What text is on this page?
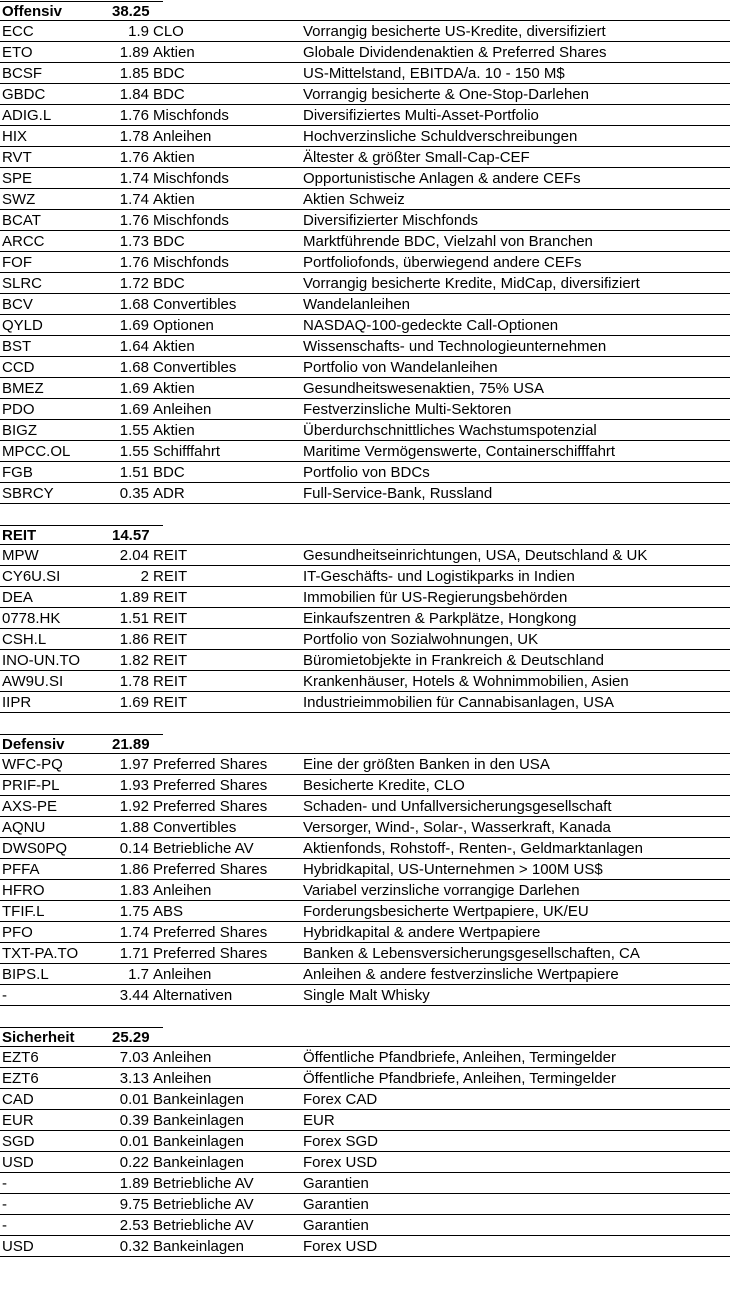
Offensiv	38.25
ECC	1.9 CLO	Vorrangig besicherte US-Kredite, diversifiziert
ETO	1.89 Aktien	Globale Dividendenaktien & Preferred Shares
BCSF	1.85 BDC	US-Mittelstand, EBITDA/a. 10 - 150 M$
GBDC	1.84 BDC	Vorrangig besicherte & One-Stop-Darlehen
ADIG.L	1.76 Mischfonds	Diversifiziertes Multi-Asset-Portfolio
HIX	1.78 Anleihen	Hochverzinsliche Schuldverschreibungen
RVT	1.76 Aktien	Ältester & größter Small-Cap-CEF
SPE	1.74 Mischfonds	Opportunistische Anlagen & andere CEFs
SWZ	1.74 Aktien	Aktien Schweiz
BCAT	1.76 Mischfonds	Diversifizierter Mischfonds
ARCC	1.73 BDC	Marktführende BDC, Vielzahl von Branchen
FOF	1.76 Mischfonds	Portfoliofonds, überwiegend andere CEFs
SLRC	1.72 BDC	Vorrangig besicherte Kredite, MidCap, diversifiziert
BCV	1.68 Convertibles	Wandelanleihen
QYLD	1.69 Optionen	NASDAQ-100-gedeckte Call-Optionen
BST	1.64 Aktien	Wissenschafts- und Technologieunternehmen
CCD	1.68 Convertibles	Portfolio von Wandelanleihen
BMEZ	1.69 Aktien	Gesundheitswesenaktien, 75% USA
PDO	1.69 Anleihen	Festverzinsliche Multi-Sektoren
BIGZ	1.55 Aktien	Überdurchschnittliches Wachstumspotenzial
MPCC.OL	1.55 Schifffahrt	Maritime Vermögenswerte, Containerschifffahrt
FGB	1.51 BDC	Portfolio von BDCs
SBRCY	0.35 ADR	Full-Service-Bank, Russland
REIT	14.57
MPW	2.04 REIT	Gesundheitseinrichtungen, USA, Deutschland & UK
CY6U.SI	2 REIT	IT-Geschäfts- und Logistikparks in Indien
DEA	1.89 REIT	Immobilien für US-Regierungsbehörden
0778.HK	1.51 REIT	Einkaufszentren & Parkplätze, Hongkong
CSH.L	1.86 REIT	Portfolio von Sozialwohnungen, UK
INO-UN.TO	1.82 REIT	Büromietobjekte in Frankreich & Deutschland
AW9U.SI	1.78 REIT	Krankenhäuser, Hotels & Wohnimmobilien, Asien
IIPR	1.69 REIT	Industrieimmobilien für Cannabisanlagen, USA
Defensiv	21.89
WFC-PQ	1.97 Preferred Shares	Eine der größten Banken in den USA
PRIF-PL	1.93 Preferred Shares	Besicherte Kredite, CLO
AXS-PE	1.92 Preferred Shares	Schaden- und Unfallversicherungsgesellschaft
AQNU	1.88 Convertibles	Versorger, Wind-, Solar-, Wasserkraft, Kanada
DWS0PQ	0.14 Betriebliche AV	Aktienfonds, Rohstoff-, Renten-, Geldmarktanlagen
PFFA	1.86 Preferred Shares	Hybridkapital, US-Unternehmen > 100M US$
HFRO	1.83 Anleihen	Variabel verzinsliche vorrangige Darlehen
TFIF.L	1.75 ABS	Forderungsbesicherte Wertpapiere, UK/EU
PFO	1.74 Preferred Shares	Hybridkapital & andere Wertpapiere
TXT-PA.TO	1.71 Preferred Shares	Banken & Lebensversicherungsgesellschaften, CA
BIPS.L	1.7 Anleihen	Anleihen & andere festverzinsliche Wertpapiere
-	3.44 Alternativen	Single Malt Whisky
Sicherheit	25.29
EZT6	7.03 Anleihen	Öffentliche Pfandbriefe, Anleihen, Termingelder
EZT6	3.13 Anleihen	Öffentliche Pfandbriefe, Anleihen, Termingelder
CAD	0.01 Bankeinlagen	Forex CAD
EUR	0.39 Bankeinlagen	EUR
SGD	0.01 Bankeinlagen	Forex SGD
USD	0.22 Bankeinlagen	Forex USD
-	1.89 Betriebliche AV	Garantien
-	9.75 Betriebliche AV	Garantien
-	2.53 Betriebliche AV	Garantien
USD	0.32 Bankeinlagen	Forex USD
